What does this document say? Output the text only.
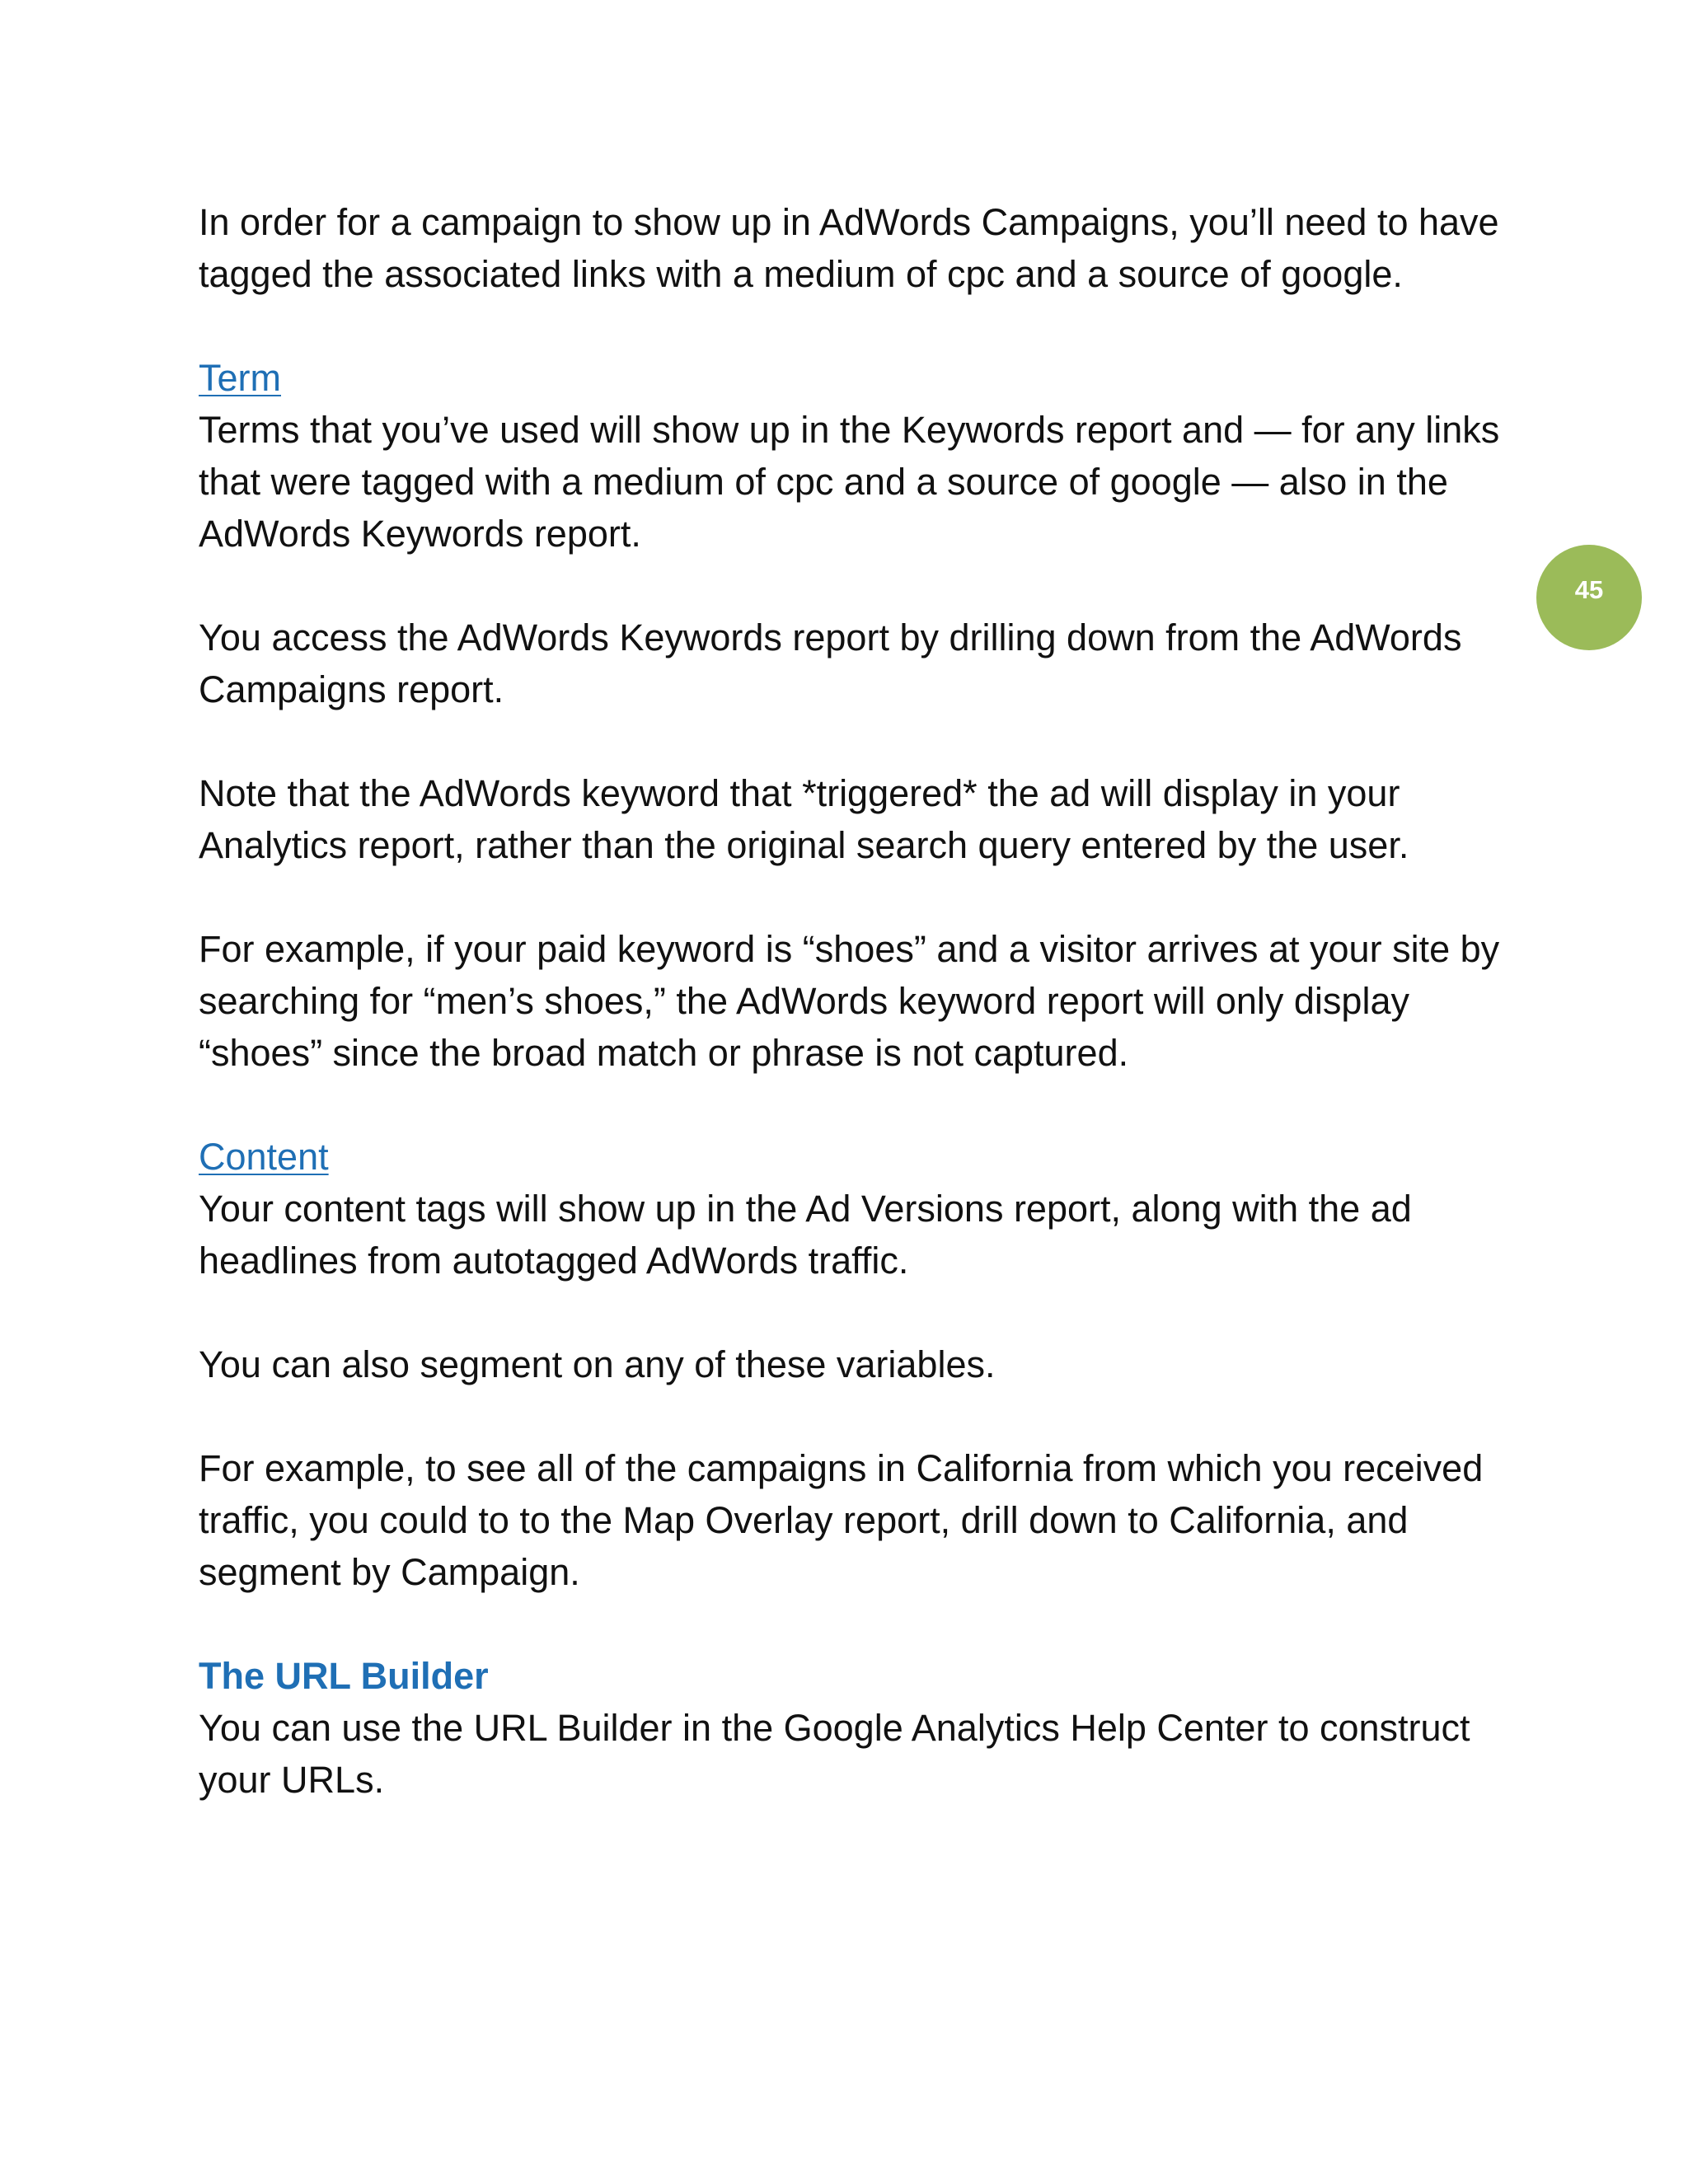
In order for a campaign to show up in AdWords Campaigns, you’ll need to have tagged the associated links with a medium of cpc and a source of google.

Term

Terms that you’ve used will show up in the Keywords report and — for any links that were tagged with a medium of cpc and a source of google — also in the AdWords Keywords report.

You access the AdWords Keywords report by drilling down from the AdWords Campaigns report.

Note that the AdWords keyword that *triggered* the ad will display in your Analytics report, rather than the original search query entered by the user.

For example, if your paid keyword is “shoes” and a visitor arrives at your site by searching for “men’s shoes,” the AdWords keyword report will only display “shoes” since the broad match or phrase is not captured.

Content

Your content tags will show up in the Ad Versions report, along with the ad headlines from autotagged AdWords traffic.

You can also segment on any of these variables.

For example, to see all of the campaigns in California from which you received traffic, you could to to the Map Overlay report, drill down to California, and segment by Campaign.

The URL Builder

You can use the URL Builder in the Google Analytics Help Center to construct your URLs.

45
